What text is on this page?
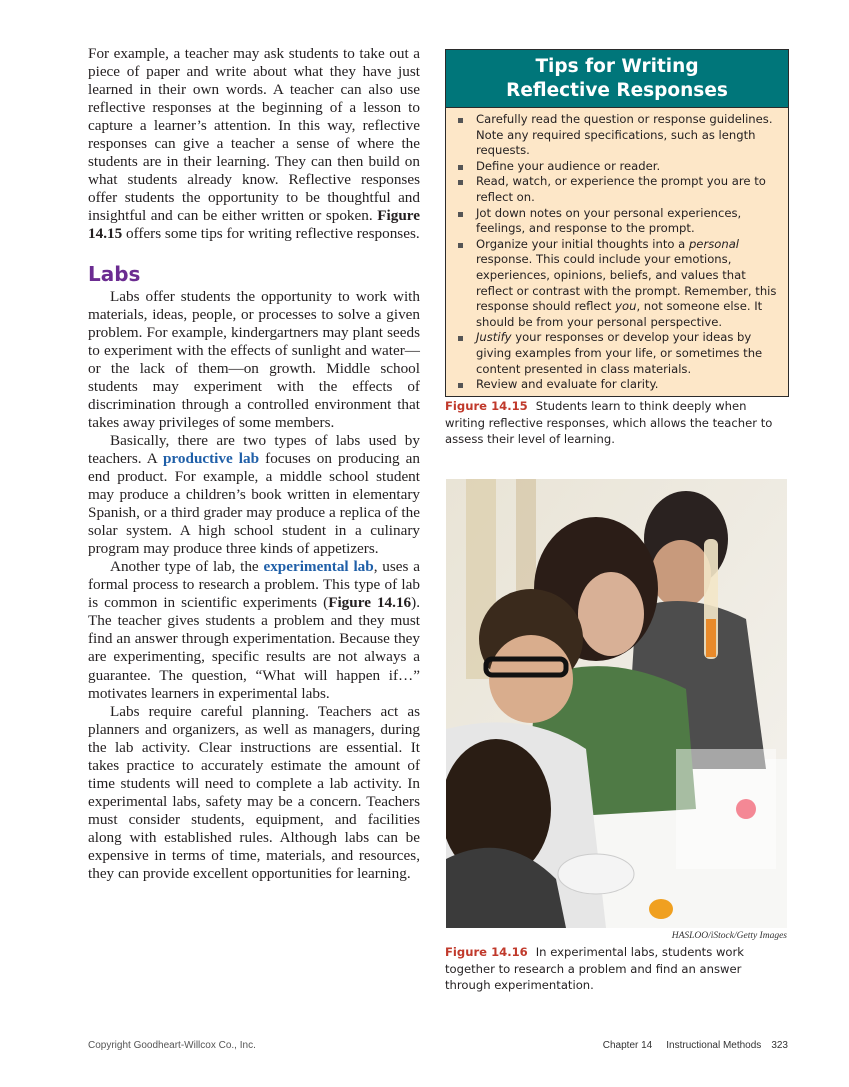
For example, a teacher may ask students to take out a piece of paper and write about what they have just learned in their own words. A teacher can also use reflective responses at the beginning of a lesson to capture a learner’s attention. In this way, reflective responses can give a teacher a sense of where the students are in their learning. They can then build on what students already know. Reflective responses offer students the opportunity to be thoughtful and insightful and can be either written or spoken. Figure 14.15 offers some tips for writing reflective responses.

Labs

Labs offer students the opportunity to work with materials, ideas, people, or processes to solve a given problem. For example, kindergartners may plant seeds to experiment with the effects of sunlight and water—or the lack of them—on growth. Middle school students may experiment with the effects of discrimination through a controlled environment that takes away privileges of some members.

Basically, there are two types of labs used by teachers. A productive lab focuses on producing an end product. For example, a middle school student may produce a children’s book written in elementary Spanish, or a third grader may produce a replica of the solar system. A high school student in a culinary program may produce three kinds of appetizers.

Another type of lab, the experimental lab, uses a formal process to research a problem. This type of lab is common in scientific experiments (Figure 14.16). The teacher gives students a problem and they must find an answer through experimentation. Because they are experimenting, specific results are not always a guarantee. The question, “What will happen if…” motivates learners in experimental labs.

Labs require careful planning. Teachers act as planners and organizers, as well as managers, during the lab activity. Clear instructions are essential. It takes practice to accurately estimate the amount of time students will need to complete a lab activity. In experimental labs, safety may be a concern. Teachers must consider students, equipment, and facilities along with established rules. Although labs can be expensive in terms of time, materials, and resources, they can provide excellent opportunities for learning.

Tips for Writing
Reflective Responses
Carefully read the question or response guidelines. Note any required specifications, such as length requests.
Define your audience or reader.
Read, watch, or experience the prompt you are to reflect on.
Jot down notes on your personal experiences, feelings, and response to the prompt.
Organize your initial thoughts into a personal response. This could include your emotions, experiences, opinions, beliefs, and values that reflect or contrast with the prompt. Remember, this response should reflect you, not someone else. It should be from your personal perspective.
Justify your responses or develop your ideas by giving examples from your life, or sometimes the content presented in class materials.
Review and evaluate for clarity.
Figure 14.15 Students learn to think deeply when writing reflective responses, which allows the teacher to assess their level of learning.
HASLOO/iStock/Getty Images
Figure 14.16 In experimental labs, students work together to research a problem and find an answer through experimentation.
Copyright Goodheart-Willcox Co., Inc.	Chapter 14 Instructional Methods 323
